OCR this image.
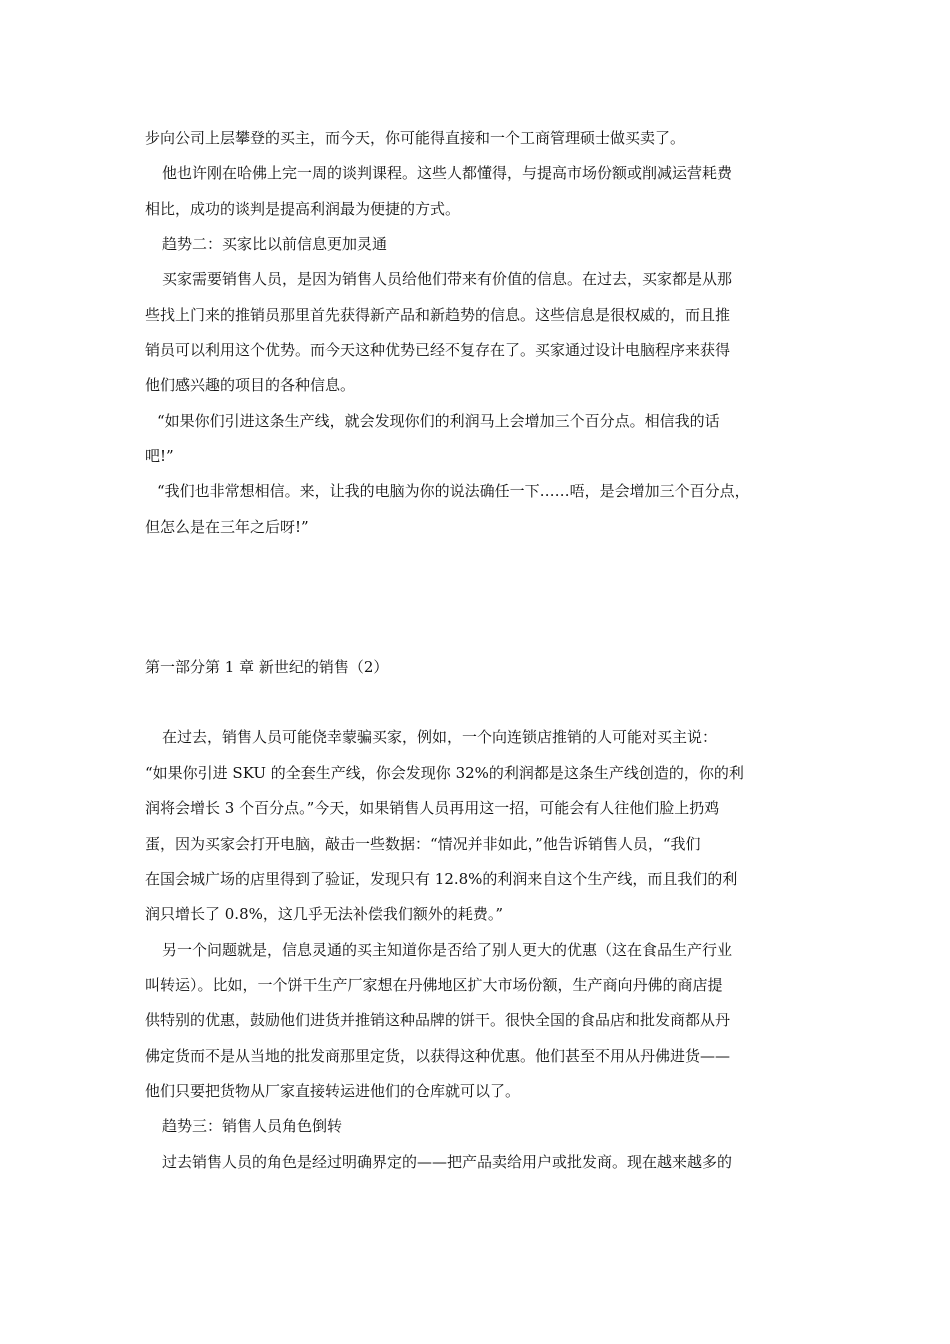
步向公司上层攀登的买主，而今天，你可能得直接和一个工商管理硕士做买卖了。
他也许刚在哈佛上完一周的谈判课程。这些人都懂得，与提高市场份额或削减运营耗费
相比，成功的谈判是提高利润最为便捷的方式。
趋势二：买家比以前信息更加灵通
买家需要销售人员，是因为销售人员给他们带来有价值的信息。在过去，买家都是从那
些找上门来的推销员那里首先获得新产品和新趋势的信息。这些信息是很权威的，而且推
销员可以利用这个优势。而今天这种优势已经不复存在了。买家通过设计电脑程序来获得
他们感兴趣的项目的各种信息。
“如果你们引进这条生产线，就会发现你们的利润马上会增加三个百分点。相信我的话
吧!”
“我们也非常想相信。来，让我的电脑为你的说法确任一下……唔，是会增加三个百分点，
但怎么是在三年之后呀!”
第一部分第 1 章 新世纪的销售（2）
在过去，销售人员可能侥幸蒙骗买家，例如，一个向连锁店推销的人可能对买主说：
“如果你引进 SKU 的全套生产线，你会发现你 32%的利润都是这条生产线创造的，你的利
润将会增长 3 个百分点。”今天，如果销售人员再用这一招，可能会有人往他们脸上扔鸡
蛋，因为买家会打开电脑，敲击一些数据：“情况并非如此，”他告诉销售人员，“我们
在国会城广场的店里得到了验证，发现只有 12.8%的利润来自这个生产线，而且我们的利
润只增长了 0.8%，这几乎无法补偿我们额外的耗费。”
另一个问题就是，信息灵通的买主知道你是否给了别人更大的优惠（这在食品生产行业
叫转运）。比如，一个饼干生产厂家想在丹佛地区扩大市场份额，生产商向丹佛的商店提
供特别的优惠，鼓励他们进货并推销这种品牌的饼干。很快全国的食品店和批发商都从丹
佛定货而不是从当地的批发商那里定货，以获得这种优惠。他们甚至不用从丹佛进货——
他们只要把货物从厂家直接转运进他们的仓库就可以了。
趋势三：销售人员角色倒转
过去销售人员的角色是经过明确界定的——把产品卖给用户或批发商。现在越来越多的
